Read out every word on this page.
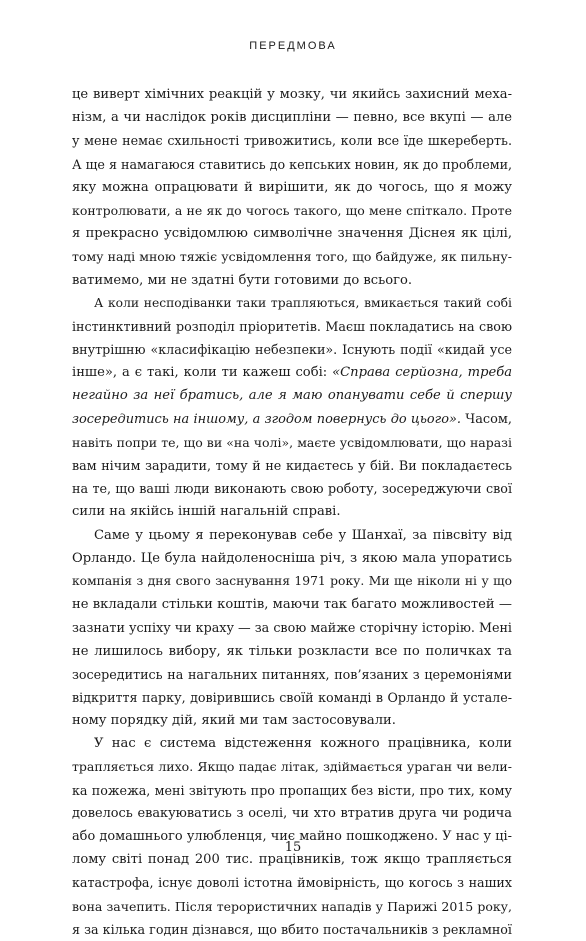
ПЕРЕДМОВА
це виверт хімічних реакцій у мозку, чи якийсь захисний меха-
нізм, а чи наслідок років дисципліни — певно, все вкупі — але
у мене немає схильності тривожитись, коли все їде шкереберть.
А ще я намагаюся ставитись до кепських новин, як до проблеми,
яку можна опрацювати й вирішити, як до чогось, що я можу
контролювати, а не як до чогось такого, що мене спіткало. Проте
я прекрасно усвідомлюю символічне значення Діснея як цілі,
тому наді мною тяжіє усвідомлення того, що байдуже, як пильну-
ватимемо, ми не здатні бути готовими до всього.
А коли несподіванки таки трапляються, вмикається такий собі
інстинктивний розподіл пріоритетів. Маєш покладатись на свою
внутрішню «класифікацію небезпеки». Існують події «кидай усе
інше», а є такі, коли ти кажеш собі: «Справа серйозна, треба
негайно за неї братись, але я маю опанувати себе й спершу
зосередитись на іншому, а згодом повернусь до цього». Часом,
навіть попри те, що ви «на чолі», маєте усвідомлювати, що наразі
вам нічим зарадити, тому й не кидаєтесь у бій. Ви покладаєтесь
на те, що ваші люди виконають свою роботу, зосереджуючи свої
сили на якійсь іншій нагальній справі.
Саме у цьому я переконував себе у Шанхаї, за півсвіту від
Орландо. Це була найдоленосніша річ, з якою мала упоратись
компанія з дня свого заснування 1971 року. Ми ще ніколи ні у що
не вкладали стільки коштів, маючи так багато можливостей —
зазнати успіху чи краху — за свою майже сторічну історію. Мені
не лишилось вибору, як тільки розкласти все по поличках та
зосередитись на нагальних питаннях, пов’язаних з церемоніями
відкриття парку, довірившись своїй команді в Орландо й устале-
ному порядку дій, який ми там застосовували.
У нас є система відстеження кожного працівника, коли
трапляється лихо. Якщо падає літак, здіймається ураган чи вели-
ка пожежа, мені звітують про пропащих без вісти, про тих, кому
довелось евакуюватись з оселі, чи хто втратив друга чи родича
або домашнього улюбленця, чиє майно пошкоджено. У нас у ці-
лому світі понад 200 тис. працівників, тож якщо трапляється
катастрофа, існує доволі істотна ймовірність, що когось з наших
вона зачепить. Після терористичних нападів у Парижі 2015 року,
я за кілька годин дізнався, що вбито постачальників з рекламної
15
